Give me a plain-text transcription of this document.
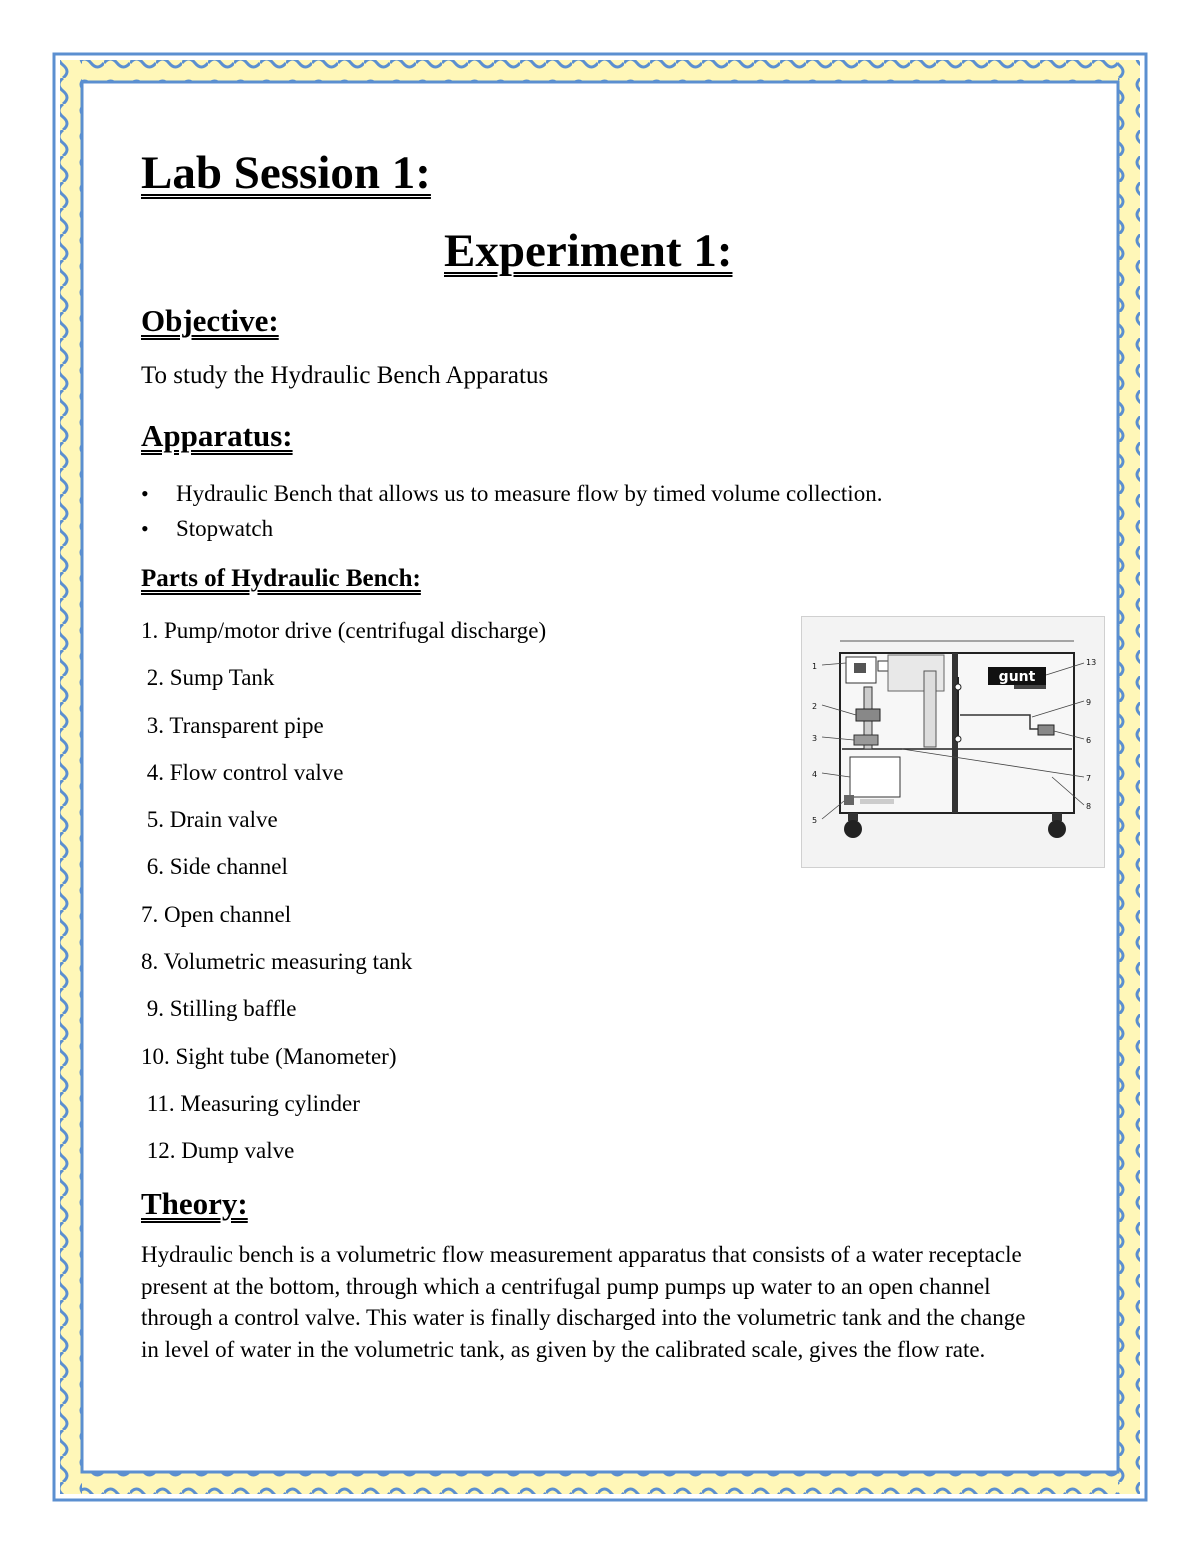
Lab Session 1:
Experiment 1:
Objective:

To study the Hydraulic Bench Apparatus

Apparatus:
• Hydraulic Bench that allows us to measure flow by timed volume collection.
• Stopwatch
Parts of Hydraulic Bench:
1. Pump/motor drive (centrifugal discharge)
2. Sump Tank
3. Transparent pipe
4. Flow control valve
5. Drain valve
6. Side channel
7. Open channel
8. Volumetric measuring tank
9. Stilling baffle
10. Sight tube (Manometer)
11. Measuring cylinder
12. Dump valve
Theory:

Hydraulic bench is a volumetric flow measurement apparatus that consists of a water receptacle present at the bottom, through which a centrifugal pump pumps up water to an open channel through a control valve. This water is finally discharged into the volumetric tank and the change in level of water in the volumetric tank, as given by the calibrated scale, gives the flow rate.

gunt
1
2
3
4
5
13
9
6
7
8
